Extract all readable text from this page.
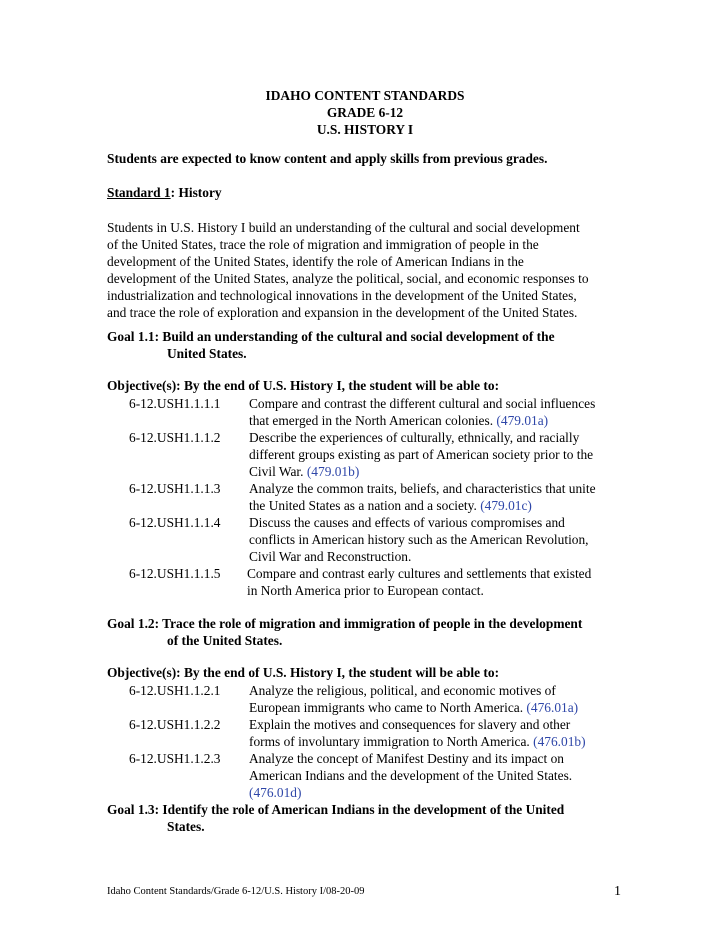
IDAHO CONTENT STANDARDS
GRADE 6-12
U.S. HISTORY I
Students are expected to know content and apply skills from previous grades.
Standard 1: History
Students in U.S. History I build an understanding of the cultural and social development
of the United States, trace the role of migration and immigration of people in the
development of the United States, identify the role of American Indians in the
development of the United States, analyze the political, social, and economic responses to
industrialization and technological innovations in the development of the United States,
and trace the role of exploration and expansion in the development of the United States.
Goal 1.1: Build an understanding of the cultural and social development of the
United States.
Objective(s): By the end of U.S. History I, the student will be able to:
6-12.USH1.1.1.1	Compare and contrast the different cultural and social influences
that emerged in the North American colonies. (479.01a)
6-12.USH1.1.1.2	Describe the experiences of culturally, ethnically, and racially
different groups existing as part of American society prior to the
Civil War. (479.01b)
6-12.USH1.1.1.3	Analyze the common traits, beliefs, and characteristics that unite
the United States as a nation and a society. (479.01c)
6-12.USH1.1.1.4	Discuss the causes and effects of various compromises and
conflicts in American history such as the American Revolution,
Civil War and Reconstruction.
6-12.USH1.1.1.5	Compare and contrast early cultures and settlements that existed
in North America prior to European contact.
Goal 1.2: Trace the role of migration and immigration of people in the development
of the United States.
Objective(s): By the end of U.S. History I, the student will be able to:
6-12.USH1.1.2.1	Analyze the religious, political, and economic motives of
European immigrants who came to North America. (476.01a)
6-12.USH1.1.2.2	Explain the motives and consequences for slavery and other
forms of involuntary immigration to North America. (476.01b)
6-12.USH1.1.2.3	Analyze the concept of Manifest Destiny and its impact on
American Indians and the development of the United States.
(476.01d)
Goal 1.3: Identify the role of American Indians in the development of the United
States.
Idaho Content Standards/Grade 6-12/U.S. History I/08-20-09	1
